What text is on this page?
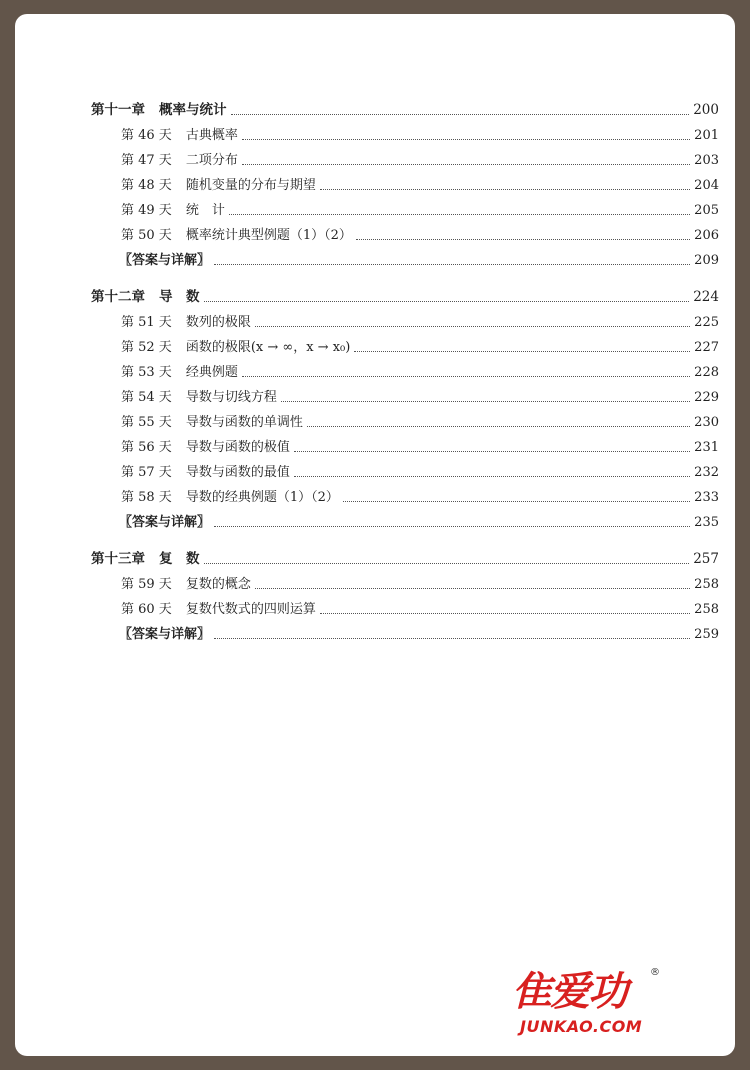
第十一章 概率与统计	200
第 46 天 古典概率	201
第 47 天 二项分布	203
第 48 天 随机变量的分布与期望	204
第 49 天 统　计	205
第 50 天 概率统计典型例题（1）（2）	206
〖答案与详解〗	209
第十二章 导　数	224
第 51 天 数列的极限	225
第 52 天 函数的极限(x → ∞，x → x₀)	227
第 53 天 经典例题	228
第 54 天 导数与切线方程	229
第 55 天 导数与函数的单调性	230
第 56 天 导数与函数的极值	231
第 57 天 导数与函数的最值	232
第 58 天 导数的经典例题（1）（2）	233
〖答案与详解〗	235
第十三章 复　数	257
第 59 天 复数的概念	258
第 60 天 复数代数式的四则运算	258
〖答案与详解〗	259
隹爱功 ®
JUNKAO.COM
